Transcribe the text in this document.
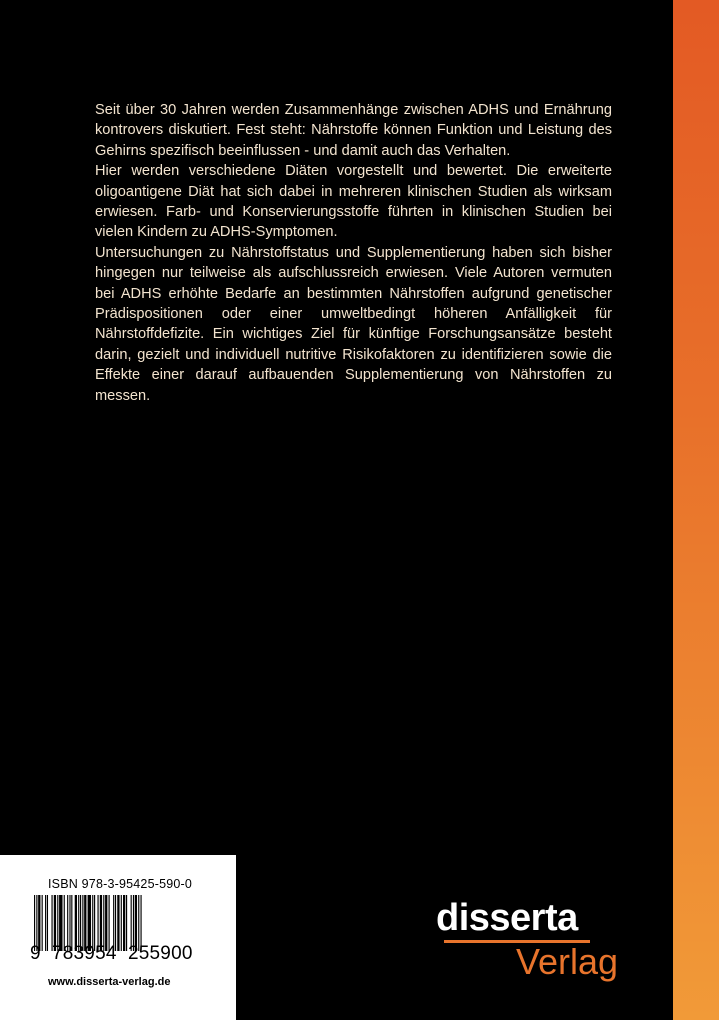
Seit über 30 Jahren werden Zusammenhänge zwischen ADHS und Ernährung kontrovers diskutiert. Fest steht: Nährstoffe können Funktion und Leistung des Gehirns spezifisch beeinflussen - und damit auch das Verhalten.

Hier werden verschiedene Diäten vorgestellt und bewertet. Die erweiterte oligoantigene Diät hat sich dabei in mehreren klinischen Studien als wirksam erwiesen. Farb- und Konservierungsstoffe führten in klinischen Studien bei vielen Kindern zu ADHS-Symptomen.

Untersuchungen zu Nährstoffstatus und Supplementierung haben sich bisher hingegen nur teilweise als aufschlussreich erwiesen. Viele Autoren vermuten bei ADHS erhöhte Bedarfe an bestimmten Nährstoffen aufgrund genetischer Prädispositionen oder einer umweltbedingt höheren Anfälligkeit für Nährstoffdefizite. Ein wichtiges Ziel für künftige Forschungsansätze besteht darin, gezielt und individuell nutritive Risikofaktoren zu identifizieren sowie die Effekte einer darauf aufbauenden Supplementierung von Nährstoffen zu messen.

ISBN 978-3-95425-590-0
9 783954 255900
www.disserta-verlag.de
disserta
Verlag
